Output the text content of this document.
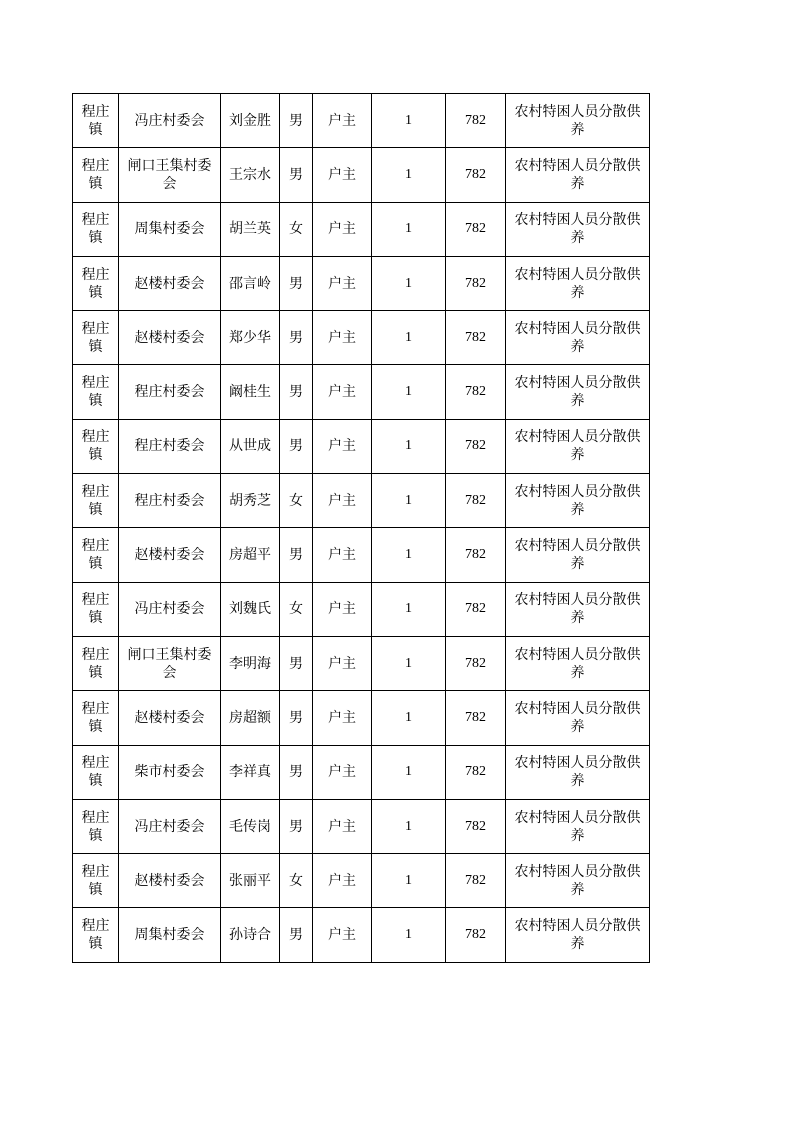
程庄镇	冯庄村委会	刘金胜	男	户主	1	782	农村特困人员分散供养
程庄镇	闸口王集村委会	王宗水	男	户主	1	782	农村特困人员分散供养
程庄镇	周集村委会	胡兰英	女	户主	1	782	农村特困人员分散供养
程庄镇	赵楼村委会	邵言岭	男	户主	1	782	农村特困人员分散供养
程庄镇	赵楼村委会	郑少华	男	户主	1	782	农村特困人员分散供养
程庄镇	程庄村委会	阚桂生	男	户主	1	782	农村特困人员分散供养
程庄镇	程庄村委会	从世成	男	户主	1	782	农村特困人员分散供养
程庄镇	程庄村委会	胡秀芝	女	户主	1	782	农村特困人员分散供养
程庄镇	赵楼村委会	房超平	男	户主	1	782	农村特困人员分散供养
程庄镇	冯庄村委会	刘魏氏	女	户主	1	782	农村特困人员分散供养
程庄镇	闸口王集村委会	李明海	男	户主	1	782	农村特困人员分散供养
程庄镇	赵楼村委会	房超额	男	户主	1	782	农村特困人员分散供养
程庄镇	柴市村委会	李祥真	男	户主	1	782	农村特困人员分散供养
程庄镇	冯庄村委会	毛传岗	男	户主	1	782	农村特困人员分散供养
程庄镇	赵楼村委会	张丽平	女	户主	1	782	农村特困人员分散供养
程庄镇	周集村委会	孙诗合	男	户主	1	782	农村特困人员分散供养
